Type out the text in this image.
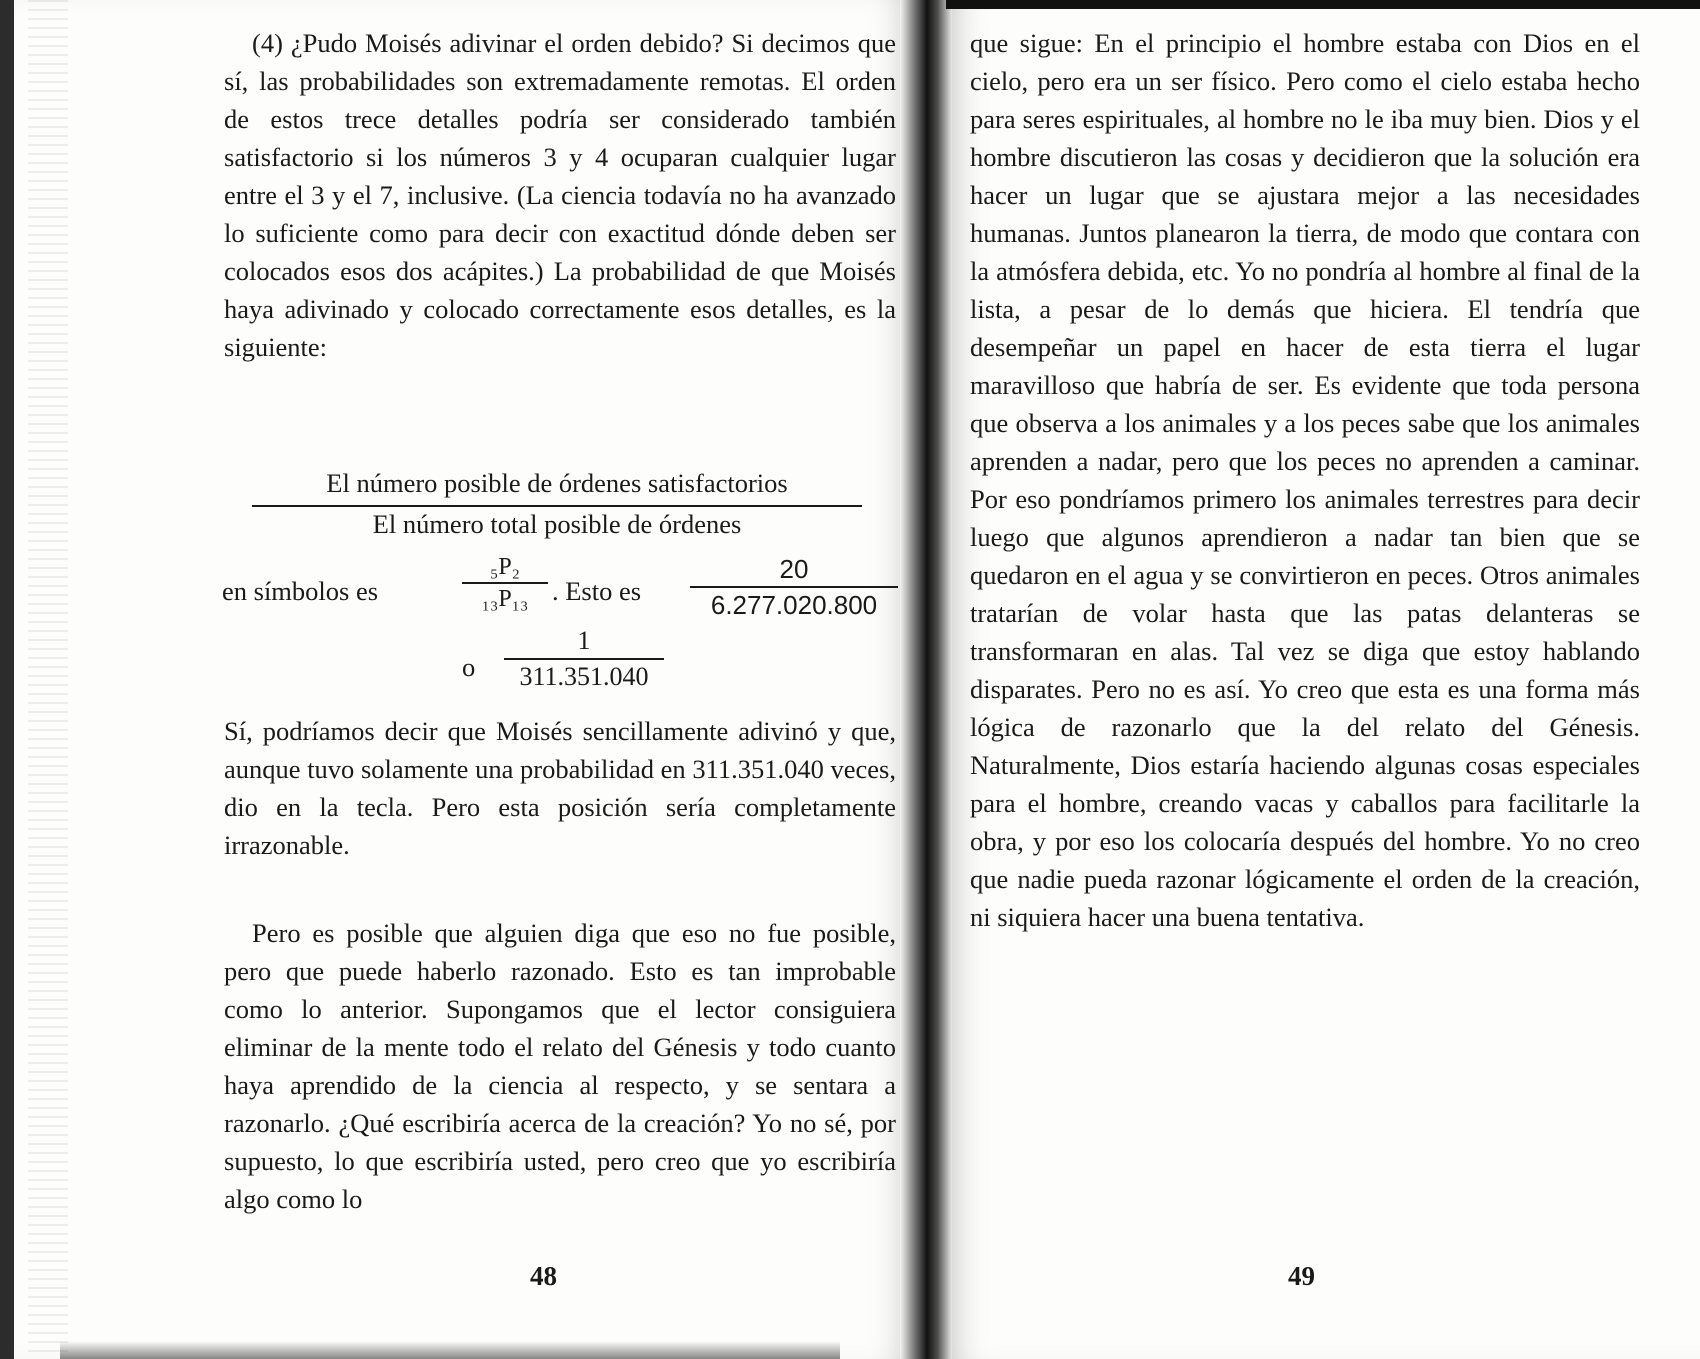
(4) ¿Pudo Moisés adivinar el orden debido? Si decimos que sí, las probabilidades son extremadamente remotas. El orden de estos trece detalles podría ser considerado también satisfactorio si los números 3 y 4 ocuparan cualquier lugar entre el 3 y el 7, inclusive. (La ciencia todavía no ha avanzado lo suficiente como para decir con exactitud dónde deben ser colocados esos dos acápites.) La probabilidad de que Moisés haya adivinado y colocado correctamente esos detalles, es la siguiente:

El número posible de órdenes satisfactorios
El número total posible de órdenes
en símbolos es
₅P₂
₁₃P₁₃ . Esto es
20
6.277.020.800
o
1
311.351.040

Sí, podríamos decir que Moisés sencillamente adivinó y que, aunque tuvo solamente una probabilidad en 311.351.040 veces, dio en la tecla. Pero esta posición sería completamente irrazonable.

Pero es posible que alguien diga que eso no fue posible, pero que puede haberlo razonado. Esto es tan improbable como lo anterior. Supongamos que el lector consiguiera eliminar de la mente todo el relato del Génesis y todo cuanto haya aprendido de la ciencia al respecto, y se sentara a razonarlo. ¿Qué escribiría acerca de la creación? Yo no sé, por supuesto, lo que escribiría usted, pero creo que yo escribiría algo como lo

48

que sigue: En el principio el hombre estaba con Dios en el cielo, pero era un ser físico. Pero como el cielo estaba hecho para seres espirituales, al hombre no le iba muy bien. Dios y el hombre discutieron las cosas y decidieron que la solución era hacer un lugar que se ajustara mejor a las necesidades humanas. Juntos planearon la tierra, de modo que contara con la atmósfera debida, etc. Yo no pondría al hombre al final de la lista, a pesar de lo demás que hiciera. El tendría que desempeñar un papel en hacer de esta tierra el lugar maravilloso que habría de ser. Es evidente que toda persona que observa a los animales y a los peces sabe que los animales aprenden a nadar, pero que los peces no aprenden a caminar. Por eso pondríamos primero los animales terrestres para decir luego que algunos aprendieron a nadar tan bien que se quedaron en el agua y se convirtieron en peces. Otros animales tratarían de volar hasta que las patas delanteras se transformaran en alas. Tal vez se diga que estoy hablando disparates. Pero no es así. Yo creo que esta es una forma más lógica de razonarlo que la del relato del Génesis. Naturalmente, Dios estaría haciendo algunas cosas especiales para el hombre, creando vacas y caballos para facilitarle la obra, y por eso los colocaría después del hombre. Yo no creo que nadie pueda razonar lógicamente el orden de la creación, ni siquiera hacer una buena tentativa.

49
